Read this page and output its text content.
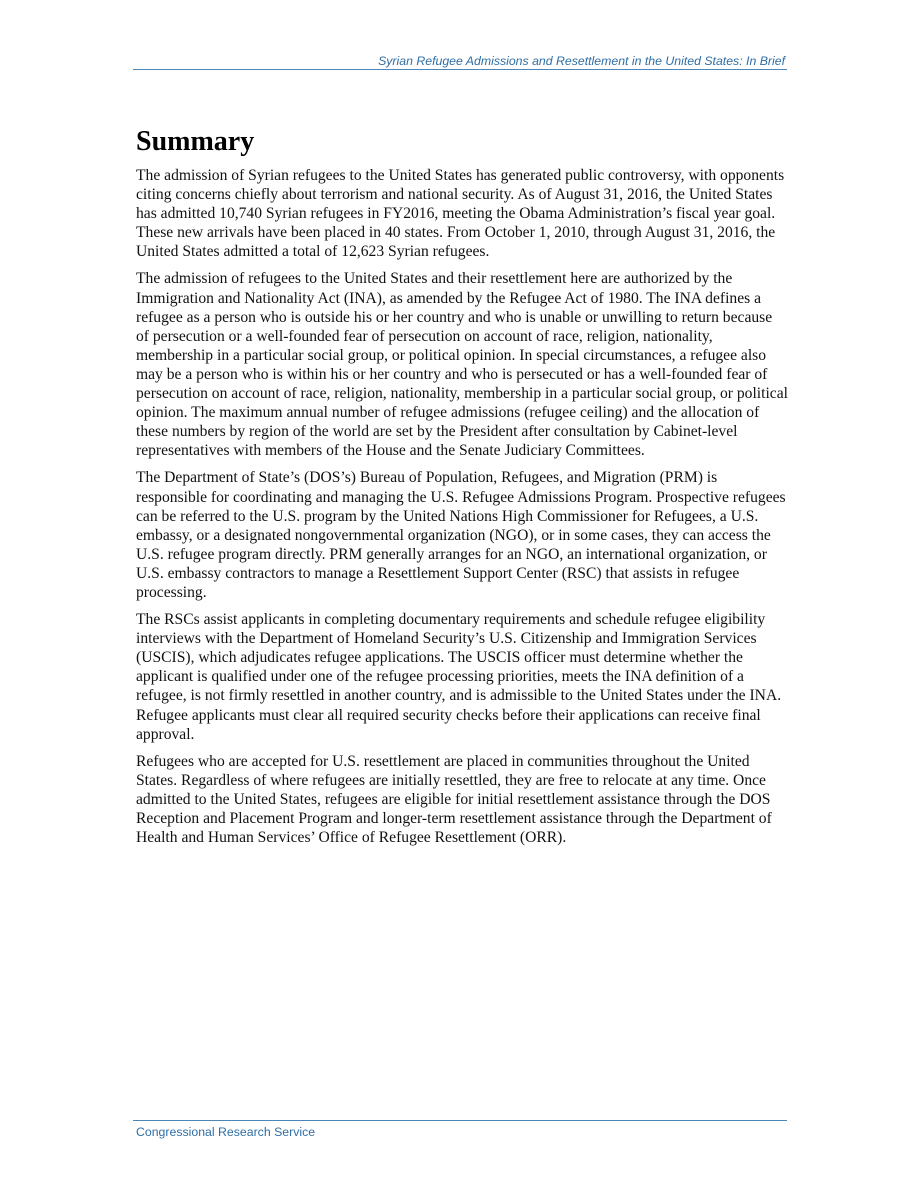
Syrian Refugee Admissions and Resettlement in the United States: In Brief
Summary

The admission of Syrian refugees to the United States has generated public controversy, with opponents citing concerns chiefly about terrorism and national security. As of August 31, 2016, the United States has admitted 10,740 Syrian refugees in FY2016, meeting the Obama Administration’s fiscal year goal. These new arrivals have been placed in 40 states. From October 1, 2010, through August 31, 2016, the United States admitted a total of 12,623 Syrian refugees.

The admission of refugees to the United States and their resettlement here are authorized by the Immigration and Nationality Act (INA), as amended by the Refugee Act of 1980. The INA defines a refugee as a person who is outside his or her country and who is unable or unwilling to return because of persecution or a well-founded fear of persecution on account of race, religion, nationality, membership in a particular social group, or political opinion. In special circumstances, a refugee also may be a person who is within his or her country and who is persecuted or has a well-founded fear of persecution on account of race, religion, nationality, membership in a particular social group, or political opinion. The maximum annual number of refugee admissions (refugee ceiling) and the allocation of these numbers by region of the world are set by the President after consultation by Cabinet-level representatives with members of the House and the Senate Judiciary Committees.

The Department of State’s (DOS’s) Bureau of Population, Refugees, and Migration (PRM) is responsible for coordinating and managing the U.S. Refugee Admissions Program. Prospective refugees can be referred to the U.S. program by the United Nations High Commissioner for Refugees, a U.S. embassy, or a designated nongovernmental organization (NGO), or in some cases, they can access the U.S. refugee program directly. PRM generally arranges for an NGO, an international organization, or U.S. embassy contractors to manage a Resettlement Support Center (RSC) that assists in refugee processing.

The RSCs assist applicants in completing documentary requirements and schedule refugee eligibility interviews with the Department of Homeland Security’s U.S. Citizenship and Immigration Services (USCIS), which adjudicates refugee applications. The USCIS officer must determine whether the applicant is qualified under one of the refugee processing priorities, meets the INA definition of a refugee, is not firmly resettled in another country, and is admissible to the United States under the INA. Refugee applicants must clear all required security checks before their applications can receive final approval.

Refugees who are accepted for U.S. resettlement are placed in communities throughout the United States. Regardless of where refugees are initially resettled, they are free to relocate at any time. Once admitted to the United States, refugees are eligible for initial resettlement assistance through the DOS Reception and Placement Program and longer-term resettlement assistance through the Department of Health and Human Services’ Office of Refugee Resettlement (ORR).

Congressional Research Service
